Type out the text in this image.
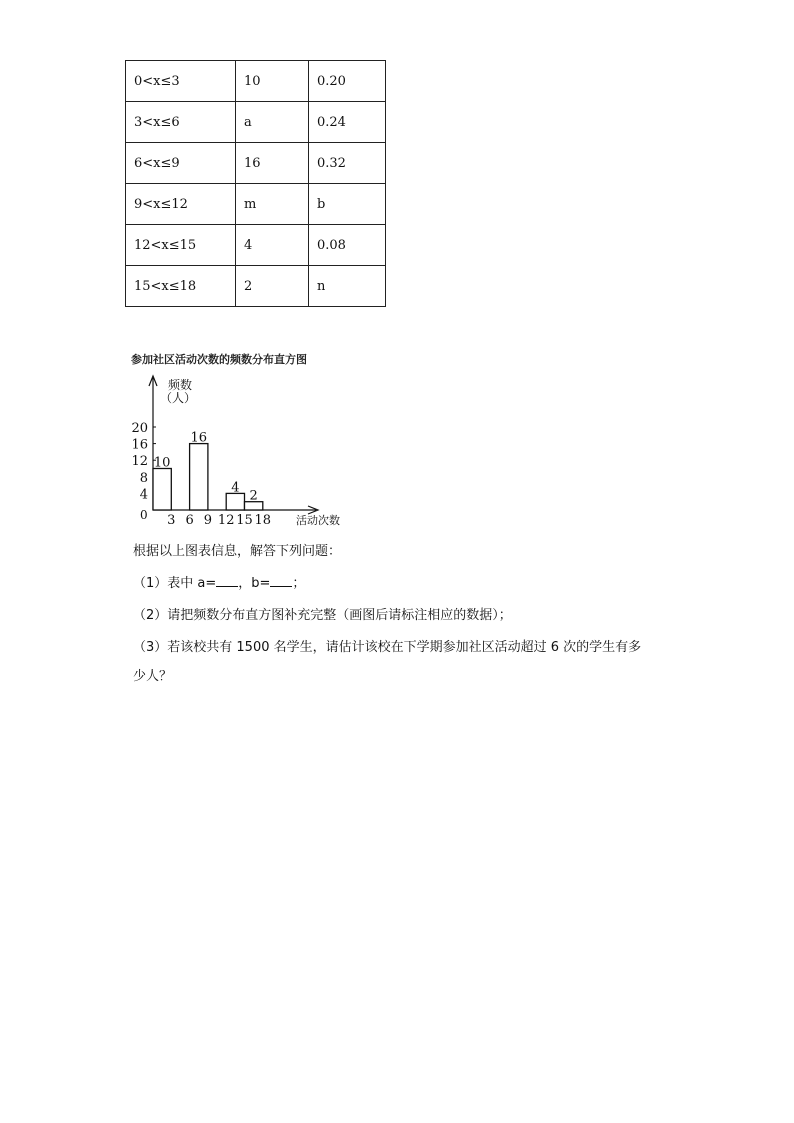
0<x≤3	10	0.20
3<x≤6	a	0.24
6<x≤9	16	0.32
9<x≤12	m	b
12<x≤15	4	0.08
15<x≤18	2	n
参加社区活动次数的频数分布直方图
频数
（人）
活动次数
0
4
8
12
16
20
3 6 9 12 15 18
10
16
4
2
根据以上图表信息，解答下列问题：
（1）表中 a= ，b= ；
（2）请把频数分布直方图补充完整（画图后请标注相应的数据）；
（3）若该校共有 1500 名学生，请估计该校在下学期参加社区活动超过 6 次的学生有多
少人？
